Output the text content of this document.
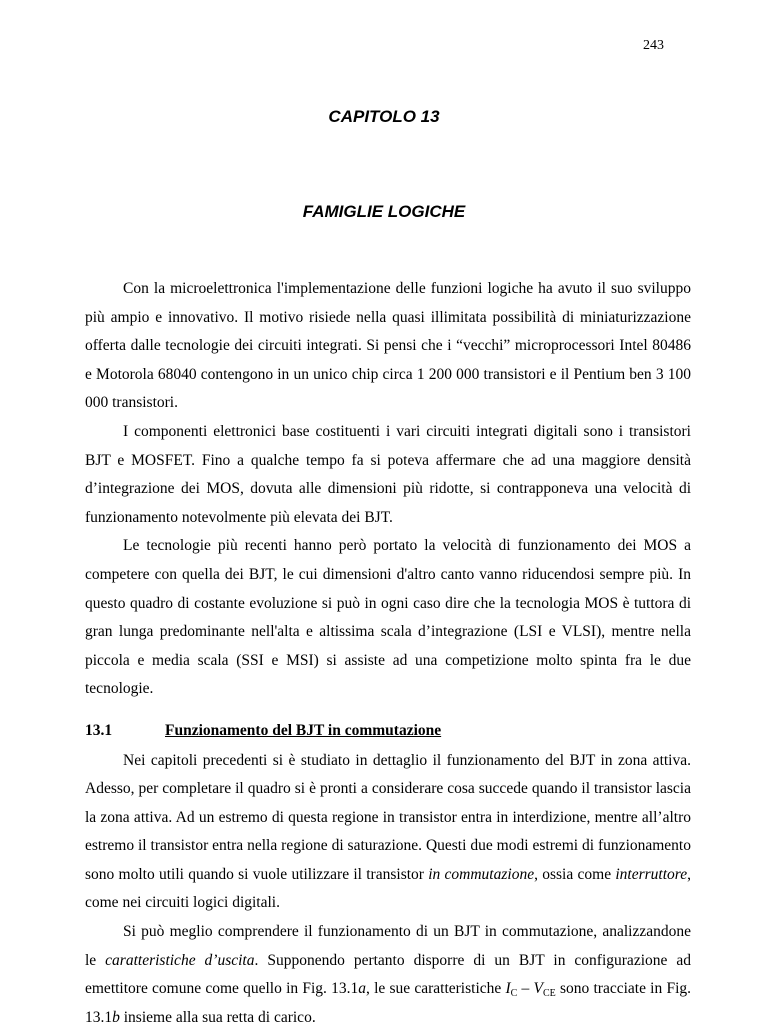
243
CAPITOLO 13
FAMIGLIE LOGICHE

Con la microelettronica l'implementazione delle funzioni logiche ha avuto il suo sviluppo più ampio e innovativo. Il motivo risiede nella quasi illimitata possibilità di miniaturizzazione offerta dalle tecnologie dei circuiti integrati. Si pensi che i “vecchi” microprocessori Intel 80486 e Motorola 68040 contengono in un unico chip circa 1 200 000 transistori e il Pentium ben 3 100 000 transistori.

I componenti elettronici base costituenti i vari circuiti integrati digitali sono i transistori BJT e MOSFET. Fino a qualche tempo fa si poteva affermare che ad una maggiore densità d’integrazione dei MOS, dovuta alle dimensioni più ridotte, si contrapponeva una velocità di funzionamento notevolmente più elevata dei BJT.

Le tecnologie più recenti hanno però portato la velocità di funzionamento dei MOS a competere con quella dei BJT, le cui dimensioni d'altro canto vanno riducendosi sempre più. In questo quadro di costante evoluzione si può in ogni caso dire che la tecnologia MOS è tuttora di gran lunga predominante nell'alta e altissima scala d’integrazione (LSI e VLSI), mentre nella piccola e media scala (SSI e MSI) si assiste ad una competizione molto spinta fra le due tecnologie.

13.1	Funzionamento del BJT in commutazione

Nei capitoli precedenti si è studiato in dettaglio il funzionamento del BJT in zona attiva. Adesso, per completare il quadro si è pronti a considerare cosa succede quando il transistor lascia la zona attiva. Ad un estremo di questa regione in transistor entra in interdizione, mentre all’altro estremo il transistor entra nella regione di saturazione. Questi due modi estremi di funzionamento sono molto utili quando si vuole utilizzare il transistor in commutazione, ossia come interruttore, come nei circuiti logici digitali.

Si può meglio comprendere il funzionamento di un BJT in commutazione, analizzandone le caratteristiche d’uscita. Supponendo pertanto disporre di un BJT in configurazione ad emettitore comune come quello in Fig. 13.1a, le sue caratteristiche $I_C - V_{CE}$ sono tracciate in Fig. 13.1b insieme alla sua retta di carico.
